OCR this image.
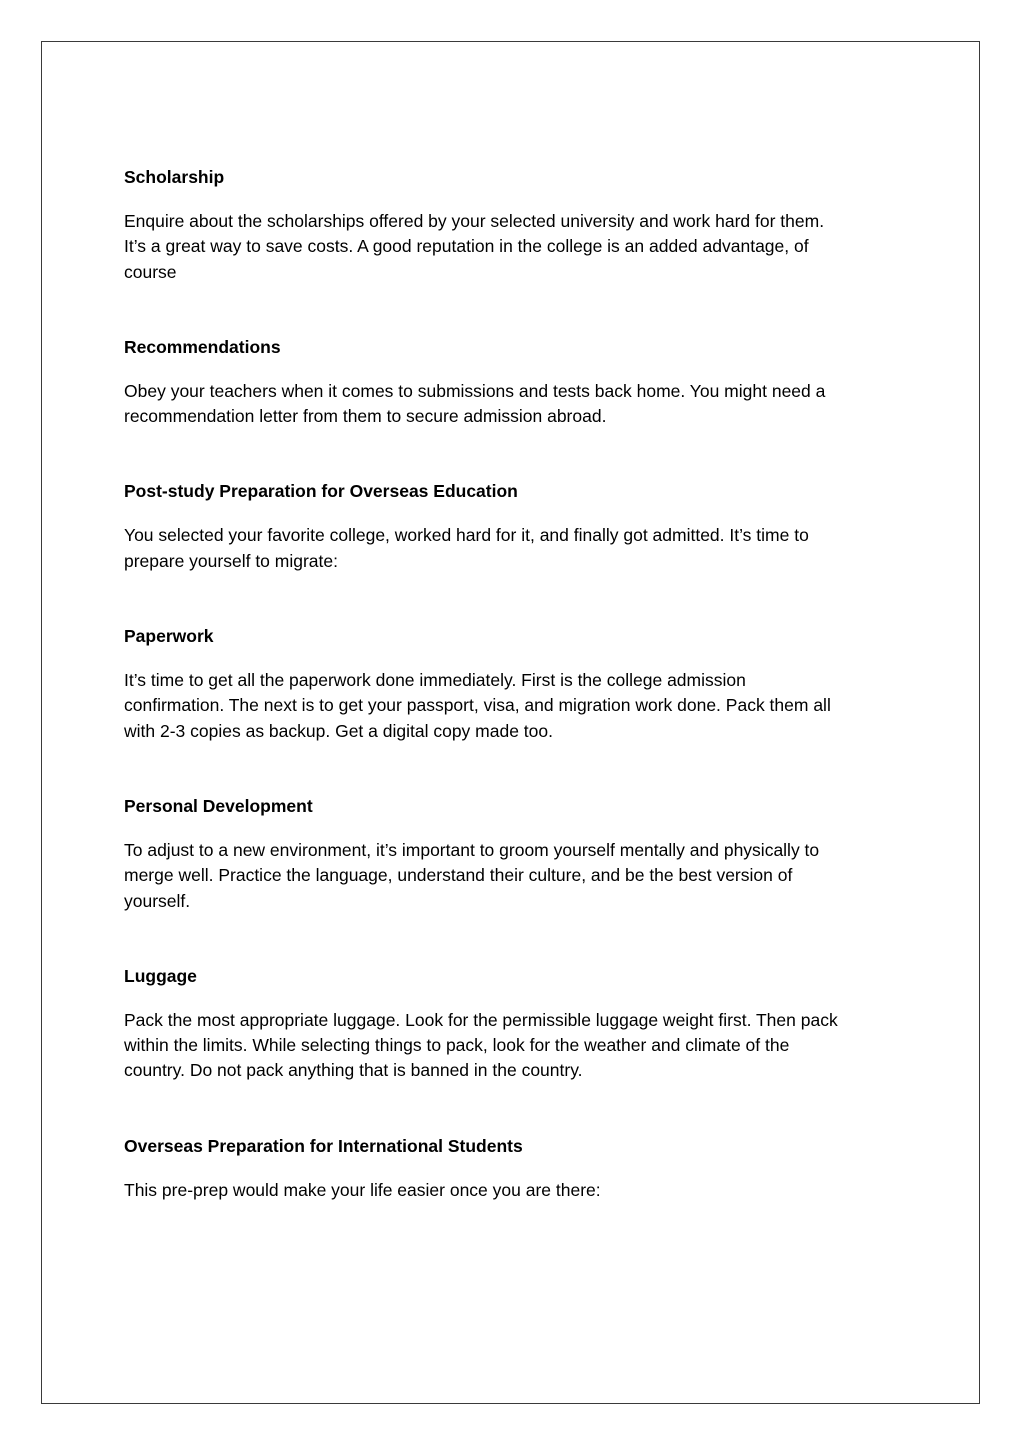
Scholarship

Enquire about the scholarships offered by your selected university and work hard for them.
It’s a great way to save costs. A good reputation in the college is an added advantage, of
course

Recommendations

Obey your teachers when it comes to submissions and tests back home. You might need a
recommendation letter from them to secure admission abroad.

Post-study Preparation for Overseas Education

You selected your favorite college, worked hard for it, and finally got admitted. It’s time to
prepare yourself to migrate:

Paperwork

It’s time to get all the paperwork done immediately. First is the college admission
confirmation. The next is to get your passport, visa, and migration work done. Pack them all
with 2-3 copies as backup. Get a digital copy made too.

Personal Development

To adjust to a new environment, it’s important to groom yourself mentally and physically to
merge well. Practice the language, understand their culture, and be the best version of
yourself.

Luggage

Pack the most appropriate luggage. Look for the permissible luggage weight first. Then pack
within the limits. While selecting things to pack, look for the weather and climate of the
country. Do not pack anything that is banned in the country.

Overseas Preparation for International Students

This pre-prep would make your life easier once you are there:
